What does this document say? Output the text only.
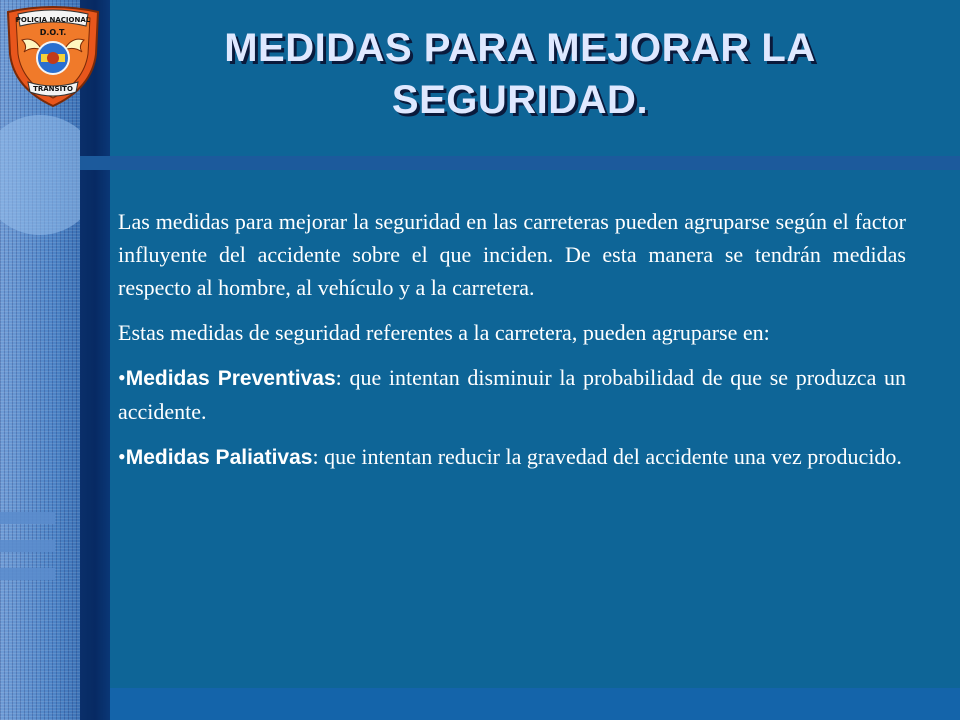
POLICIA NACIONAL
D.O.T.
TRANSITO
MEDIDAS PARA MEJORAR LA SEGURIDAD.

Las medidas para mejorar la seguridad en las carreteras pueden agruparse según el factor influyente del accidente sobre el que inciden. De esta manera se tendrán medidas respecto al hombre, al vehículo y a la carretera.

Estas medidas de seguridad referentes a la carretera, pueden agruparse en:

•Medidas Preventivas: que intentan disminuir la probabilidad de que se produzca un accidente.

•Medidas Paliativas: que intentan reducir la gravedad del accidente una vez producido.
